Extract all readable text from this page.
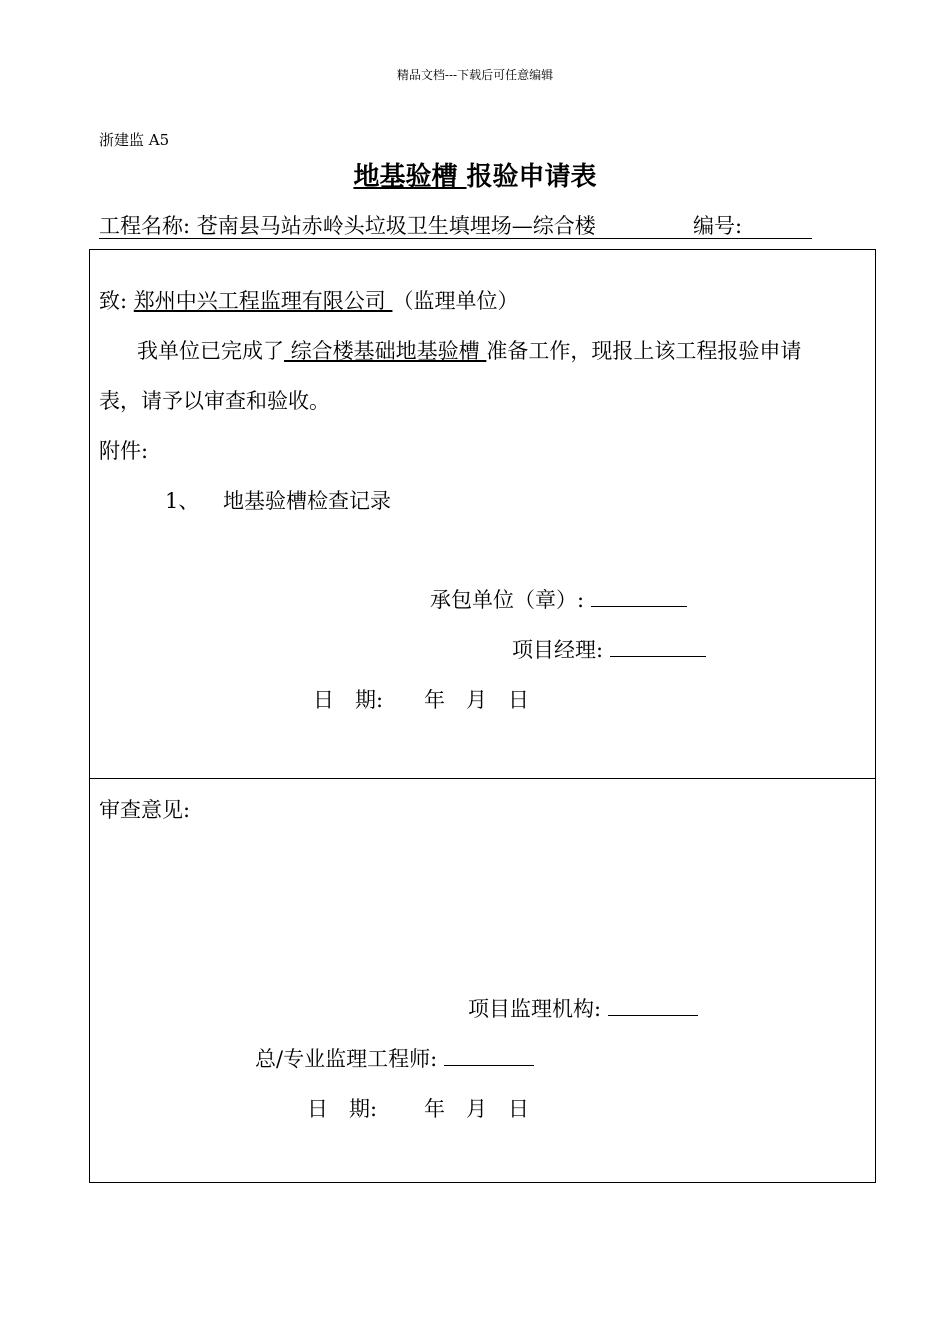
精品文档---下载后可任意编辑
浙建监 A5
地基验槽 报验申请表
工程名称: 苍南县马站赤岭头垃圾卫生填埋场—综合楼	编号:
致: 郑州中兴工程监理有限公司 （监理单位）
我单位已完成了 综合楼基础地基验槽 准备工作，现报上该工程报验申请
表，请予以审查和验收。
附件:
1、 地基验槽检查记录
承包单位（章）:
项目经理:
日　期: 年　月　日
审查意见:
项目监理机构:
总/专业监理工程师:
日　期: 年　月　日
